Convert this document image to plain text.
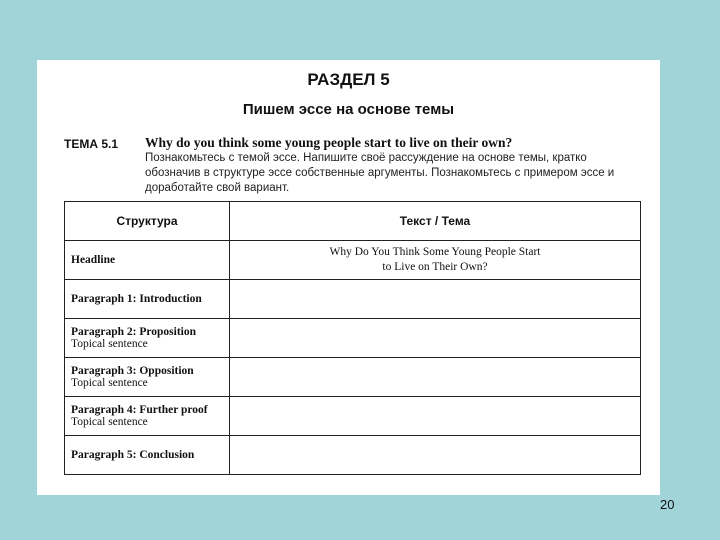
РАЗДЕЛ 5
Пишем эссе на основе темы
ТЕМА 5.1 Why do you think some young people start to live on their own?
Познакомьтесь с темой эссе. Напишите своё рассуждение на основе темы, кратко обозначив в структуре эссе собственные аргументы. Познакомьтесь с примером эссе и доработайте свой вариант.
Структура	Текст / Тема

Headline	Why Do You Think Some Young People Start
to Live on Their Own?

Paragraph 1: Introduction	

Paragraph 2: Proposition
Topical sentence	

Paragraph 3: Opposition
Topical sentence	

Paragraph 4: Further proof
Topical sentence	

Paragraph 5: Conclusion	

20
